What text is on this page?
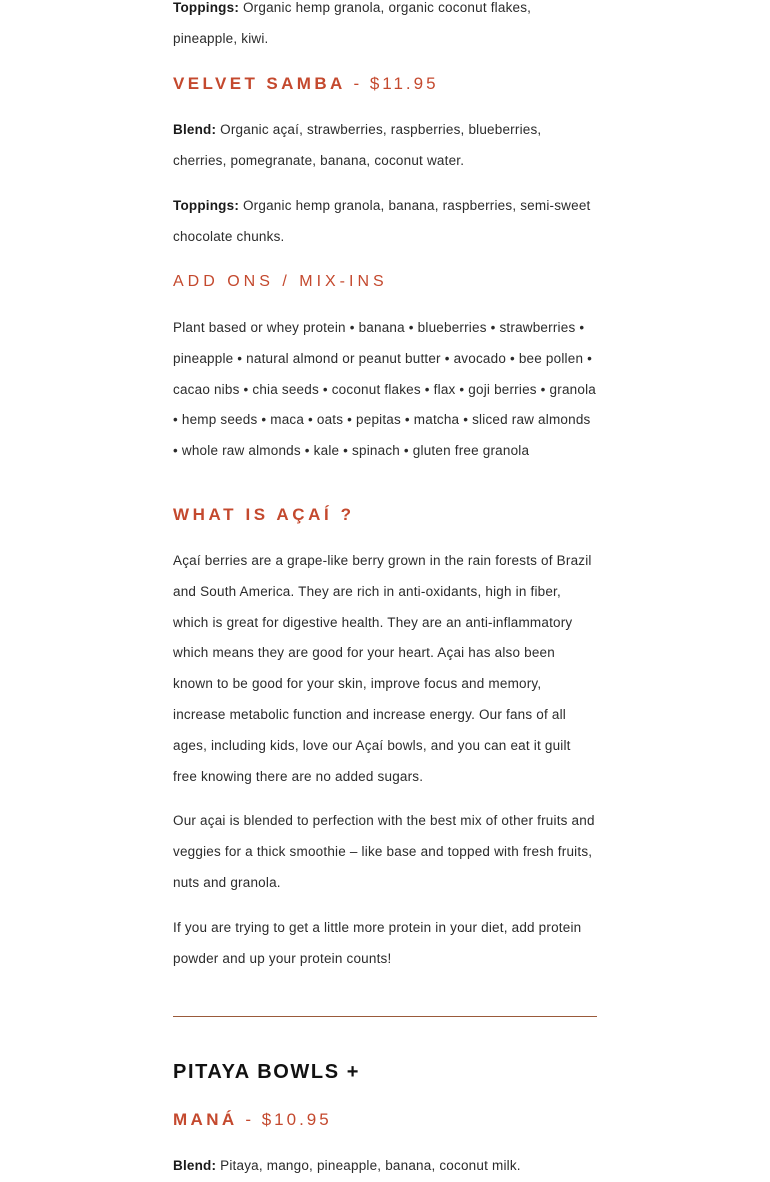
Toppings: Organic hemp granola, organic coconut flakes, pineapple, kiwi.

VELVET SAMBA - $11.95

Blend: Organic açaí, strawberries, raspberries, blueberries, cherries, pomegranate, banana, coconut water.

Toppings: Organic hemp granola, banana, raspberries, semi-sweet chocolate chunks.

ADD ONS / MIX-INS

Plant based or whey protein • banana • blueberries • strawberries • pineapple • natural almond or peanut butter • avocado • bee pollen • cacao nibs • chia seeds • coconut flakes • flax • goji berries • granola • hemp seeds • maca • oats • pepitas • matcha • sliced raw almonds • whole raw almonds • kale • spinach • gluten free granola

WHAT IS AÇAÍ ?

Açaí berries are a grape-like berry grown in the rain forests of Brazil and South America. They are rich in anti-oxidants, high in fiber, which is great for digestive health. They are an anti-inflammatory which means they are good for your heart. Açai has also been known to be good for your skin, improve focus and memory, increase metabolic function and increase energy. Our fans of all ages, including kids, love our Açaí bowls, and you can eat it guilt free knowing there are no added sugars.

Our açai is blended to perfection with the best mix of other fruits and veggies for a thick smoothie – like base and topped with fresh fruits, nuts and granola.

If you are trying to get a little more protein in your diet, add protein powder and up your protein counts!

PITAYA BOWLS +
MANÁ - $10.95

Blend: Pitaya, mango, pineapple, banana, coconut milk.
